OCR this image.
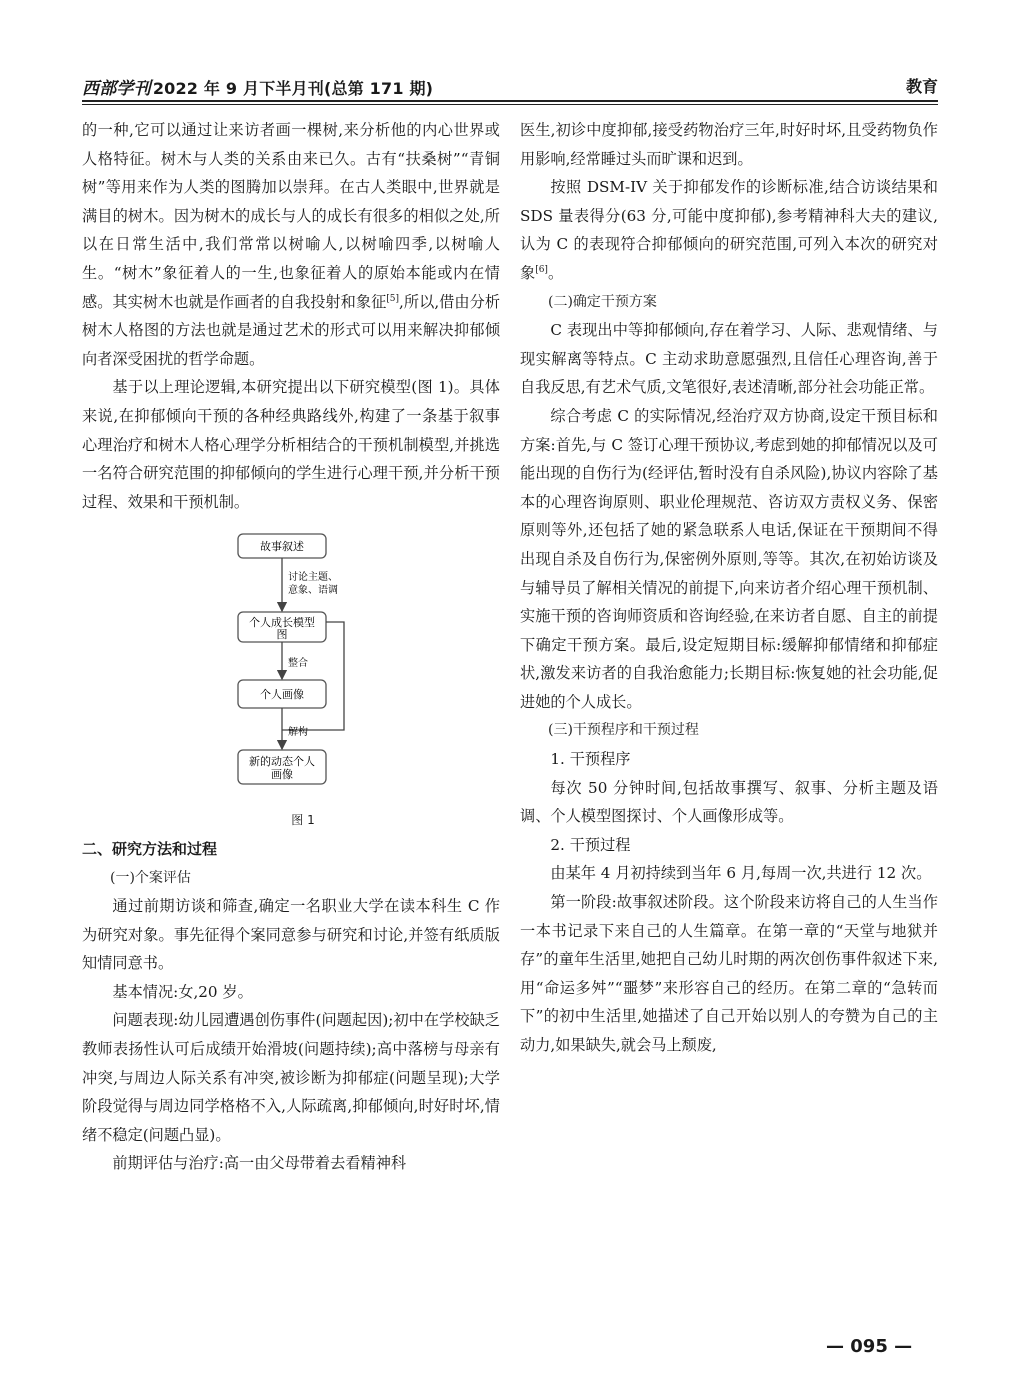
西部学刊 2022 年 9 月下半月刊(总第 171 期)	教育

的一种,它可以通过让来访者画一棵树,来分析他的内心世界或人格特征。树木与人类的关系由来已久。古有“扶桑树”“青铜树”等用来作为人类的图腾加以崇拜。在古人类眼中,世界就是满目的树木。因为树木的成长与人的成长有很多的相似之处,所以在日常生活中,我们常常以树喻人,以树喻四季,以树喻人生。“树木”象征着人的一生,也象征着人的原始本能或内在情感。其实树木也就是作画者的自我投射和象征[5],所以,借由分析树木人格图的方法也就是通过艺术的形式可以用来解决抑郁倾向者深受困扰的哲学命题。

基于以上理论逻辑,本研究提出以下研究模型(图 1)。具体来说,在抑郁倾向干预的各种经典路线外,构建了一条基于叙事心理治疗和树木人格心理学分析相结合的干预机制模型,并挑选一名符合研究范围的抑郁倾向的学生进行心理干预,并分析干预过程、效果和干预机制。

故事叙述
个人成长模型
图
个人画像
新的动态个人
画像
讨论主题、
意象、语调
整合
解构

图 1

二、研究方法和过程

(一)个案评估

通过前期访谈和筛查,确定一名职业大学在读本科生 C 作为研究对象。事先征得个案同意参与研究和讨论,并签有纸质版知情同意书。

基本情况:女,20 岁。

问题表现:幼儿园遭遇创伤事件(问题起因);初中在学校缺乏教师表扬性认可后成绩开始滑坡(问题持续);高中落榜与母亲有冲突,与周边人际关系有冲突,被诊断为抑郁症(问题呈现);大学阶段觉得与周边同学格格不入,人际疏离,抑郁倾向,时好时坏,情绪不稳定(问题凸显)。

前期评估与治疗:高一由父母带着去看精神科

医生,初诊中度抑郁,接受药物治疗三年,时好时坏,且受药物负作用影响,经常睡过头而旷课和迟到。

按照 DSM-IV 关于抑郁发作的诊断标准,结合访谈结果和 SDS 量表得分(63 分,可能中度抑郁),参考精神科大夫的建议,认为 C 的表现符合抑郁倾向的研究范围,可列入本次的研究对象[6]。

(二)确定干预方案

C 表现出中等抑郁倾向,存在着学习、人际、悲观情绪、与现实解离等特点。C 主动求助意愿强烈,且信任心理咨询,善于自我反思,有艺术气质,文笔很好,表述清晰,部分社会功能正常。

综合考虑 C 的实际情况,经治疗双方协商,设定干预目标和方案:首先,与 C 签订心理干预协议,考虑到她的抑郁情况以及可能出现的自伤行为(经评估,暂时没有自杀风险),协议内容除了基本的心理咨询原则、职业伦理规范、咨访双方责权义务、保密原则等外,还包括了她的紧急联系人电话,保证在干预期间不得出现自杀及自伤行为,保密例外原则,等等。其次,在初始访谈及与辅导员了解相关情况的前提下,向来访者介绍心理干预机制、实施干预的咨询师资质和咨询经验,在来访者自愿、自主的前提下确定干预方案。最后,设定短期目标:缓解抑郁情绪和抑郁症状,激发来访者的自我治愈能力;长期目标:恢复她的社会功能,促进她的个人成长。

(三)干预程序和干预过程

1. 干预程序

每次 50 分钟时间,包括故事撰写、叙事、分析主题及语调、个人模型图探讨、个人画像形成等。

2. 干预过程

由某年 4 月初持续到当年 6 月,每周一次,共进行 12 次。

第一阶段:故事叙述阶段。这个阶段来访将自己的人生当作一本书记录下来自己的人生篇章。在第一章的“天堂与地狱并存”的童年生活里,她把自己幼儿时期的两次创伤事件叙述下来,用“命运多舛”“噩梦”来形容自己的经历。在第二章的“急转而下”的初中生活里,她描述了自己开始以别人的夸赞为自己的主动力,如果缺失,就会马上颓废,

— 095 —
